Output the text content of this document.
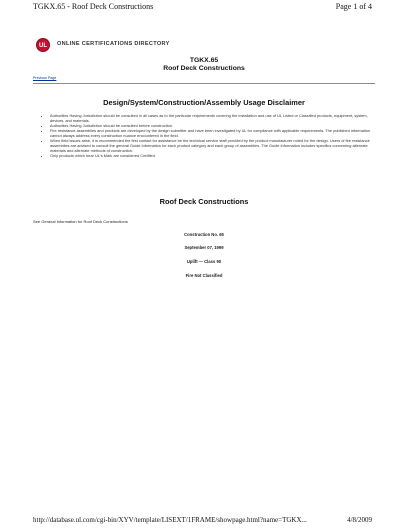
TGKX.65 - Roof Deck Constructions	Page 1 of 4
UL	ONLINE CERTIFICATIONS DIRECTORY
TGKX.65
Roof Deck Constructions
Previous Page
Design/System/Construction/Assembly Usage Disclaimer
• Authorities Having Jurisdiction should be consulted in all cases as to the particular requirements covering the installation and use of UL Listed or Classified products, equipment, system, devices, and materials.
• Authorities Having Jurisdiction should be consulted before construction.
• Fire resistance assemblies and products are developed by the design submitter and have been investigated by UL for compliance with applicable requirements. The published information cannot always address every construction nuance encountered in the field.
• When field issues arise, it is recommended the first contact for assistance be the technical service staff provided by the product manufacturer noted for the design. Users of fire resistance assemblies are advised to consult the general Guide Information for each product category and each group of assemblies. The Guide Information includes specifics concerning alternate materials and alternate methods of construction.
• Only products which bear UL's Mark are considered Certified.
Roof Deck Constructions
See General Information for Roof Deck Constructions
Construction No. 65
September 07, 1999
Uplift — Class 90
Fire Not Classified
http://database.ul.com/cgi-bin/XYV/template/LISEXT/1FRAME/showpage.html?name=TGKX...	4/8/2009
